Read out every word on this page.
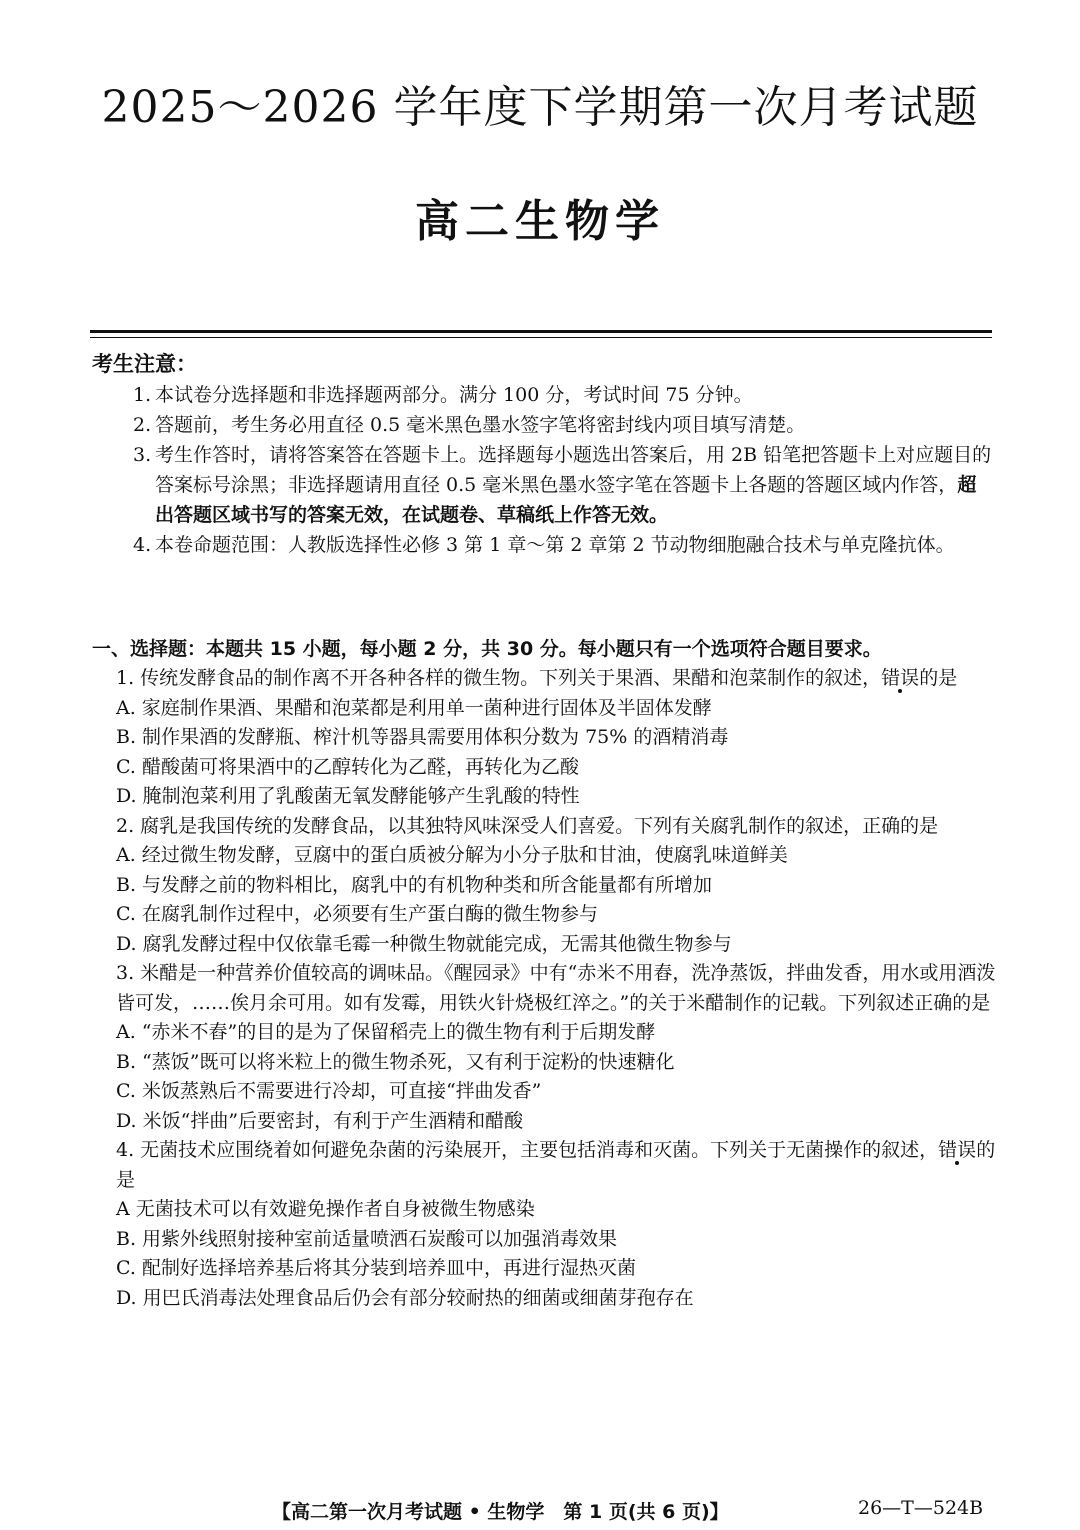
2025～2026 学年度下学期第一次月考试题
高二生物学
考生注意：
1. 本试卷分选择题和非选择题两部分。满分 100 分，考试时间 75 分钟。
2. 答题前，考生务必用直径 0.5 毫米黑色墨水签字笔将密封线内项目填写清楚。
3. 考生作答时，请将答案答在答题卡上。选择题每小题选出答案后，用 2B 铅笔把答题卡上对应题目的答案标号涂黑；非选择题请用直径 0.5 毫米黑色墨水签字笔在答题卡上各题的答题区域内作答，超出答题区域书写的答案无效，在试题卷、草稿纸上作答无效。
4. 本卷命题范围：人教版选择性必修 3 第 1 章～第 2 章第 2 节动物细胞融合技术与单克隆抗体。
一、选择题：本题共 15 小题，每小题 2 分，共 30 分。每小题只有一个选项符合题目要求。
1. 传统发酵食品的制作离不开各种各样的微生物。下列关于果酒、果醋和泡菜制作的叙述，错误的是
A. 家庭制作果酒、果醋和泡菜都是利用单一菌种进行固体及半固体发酵
B. 制作果酒的发酵瓶、榨汁机等器具需要用体积分数为 75% 的酒精消毒
C. 醋酸菌可将果酒中的乙醇转化为乙醛，再转化为乙酸
D. 腌制泡菜利用了乳酸菌无氧发酵能够产生乳酸的特性
2. 腐乳是我国传统的发酵食品，以其独特风味深受人们喜爱。下列有关腐乳制作的叙述，正确的是
A. 经过微生物发酵，豆腐中的蛋白质被分解为小分子肽和甘油，使腐乳味道鲜美
B. 与发酵之前的物料相比，腐乳中的有机物种类和所含能量都有所增加
C. 在腐乳制作过程中，必须要有生产蛋白酶的微生物参与
D. 腐乳发酵过程中仅依靠毛霉一种微生物就能完成，无需其他微生物参与
3. 米醋是一种营养价值较高的调味品。《醒园录》中有“赤米不用舂，洗净蒸饭，拌曲发香，用水或用酒泼皆可发，……俟月余可用。如有发霉，用铁火针烧极红淬之。”的关于米醋制作的记载。下列叙述正确的是
A. “赤米不舂”的目的是为了保留稻壳上的微生物有利于后期发酵
B. “蒸饭”既可以将米粒上的微生物杀死，又有利于淀粉的快速糖化
C. 米饭蒸熟后不需要进行冷却，可直接“拌曲发香”
D. 米饭“拌曲”后要密封，有利于产生酒精和醋酸
4. 无菌技术应围绕着如何避免杂菌的污染展开，主要包括消毒和灭菌。下列关于无菌操作的叙述，错误的是
A 无菌技术可以有效避免操作者自身被微生物感染
B. 用紫外线照射接种室前适量喷洒石炭酸可以加强消毒效果
C. 配制好选择培养基后将其分装到培养皿中，再进行湿热灭菌
D. 用巴氏消毒法处理食品后仍会有部分较耐热的细菌或细菌芽孢存在
【高二第一次月考试题 • 生物学　第 1 页(共 6 页)】	26—T—524B
